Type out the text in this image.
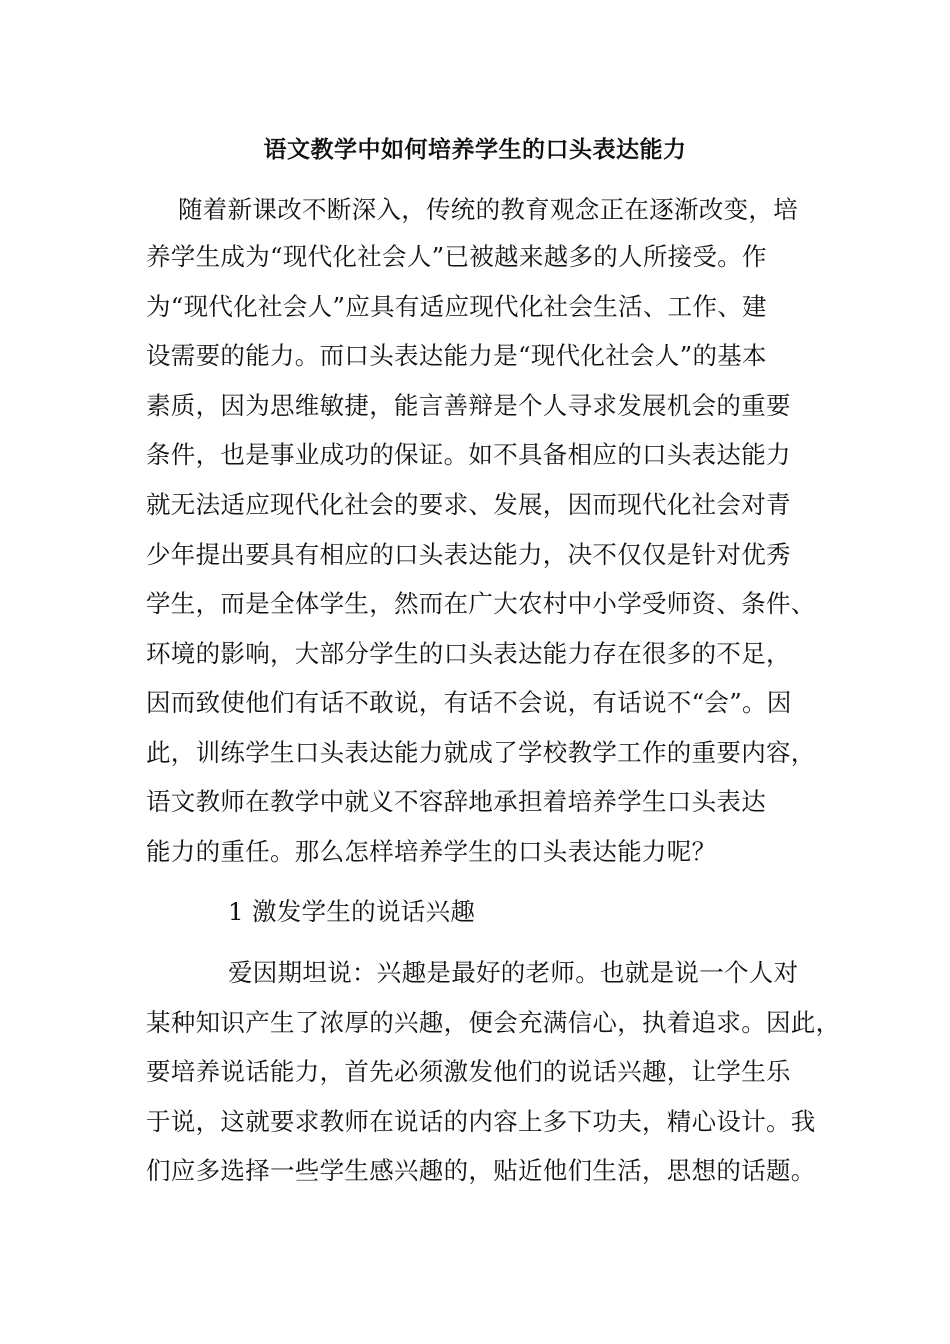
语文教学中如何培养学生的口头表达能力
随着新课改不断深入，传统的教育观念正在逐渐改变，培
养学生成为“现代化社会人”已被越来越多的人所接受。作
为“现代化社会人”应具有适应现代化社会生活、工作、建
设需要的能力。而口头表达能力是“现代化社会人”的基本
素质，因为思维敏捷，能言善辩是个人寻求发展机会的重要
条件，也是事业成功的保证。如不具备相应的口头表达能力
就无法适应现代化社会的要求、发展，因而现代化社会对青
少年提出要具有相应的口头表达能力，决不仅仅是针对优秀
学生，而是全体学生，然而在广大农村中小学受师资、条件、
环境的影响，大部分学生的口头表达能力存在很多的不足，
因而致使他们有话不敢说，有话不会说，有话说不“会”。因
此，训练学生口头表达能力就成了学校教学工作的重要内容，
语文教师在教学中就义不容辞地承担着培养学生口头表达
能力的重任。那么怎样培养学生的口头表达能力呢？
1 激发学生的说话兴趣
爱因期坦说：兴趣是最好的老师。也就是说一个人对
某种知识产生了浓厚的兴趣，便会充满信心，执着追求。因此，
要培养说话能力，首先必须激发他们的说话兴趣，让学生乐
于说，这就要求教师在说话的内容上多下功夫，精心设计。我
们应多选择一些学生感兴趣的，贴近他们生活，思想的话题。
